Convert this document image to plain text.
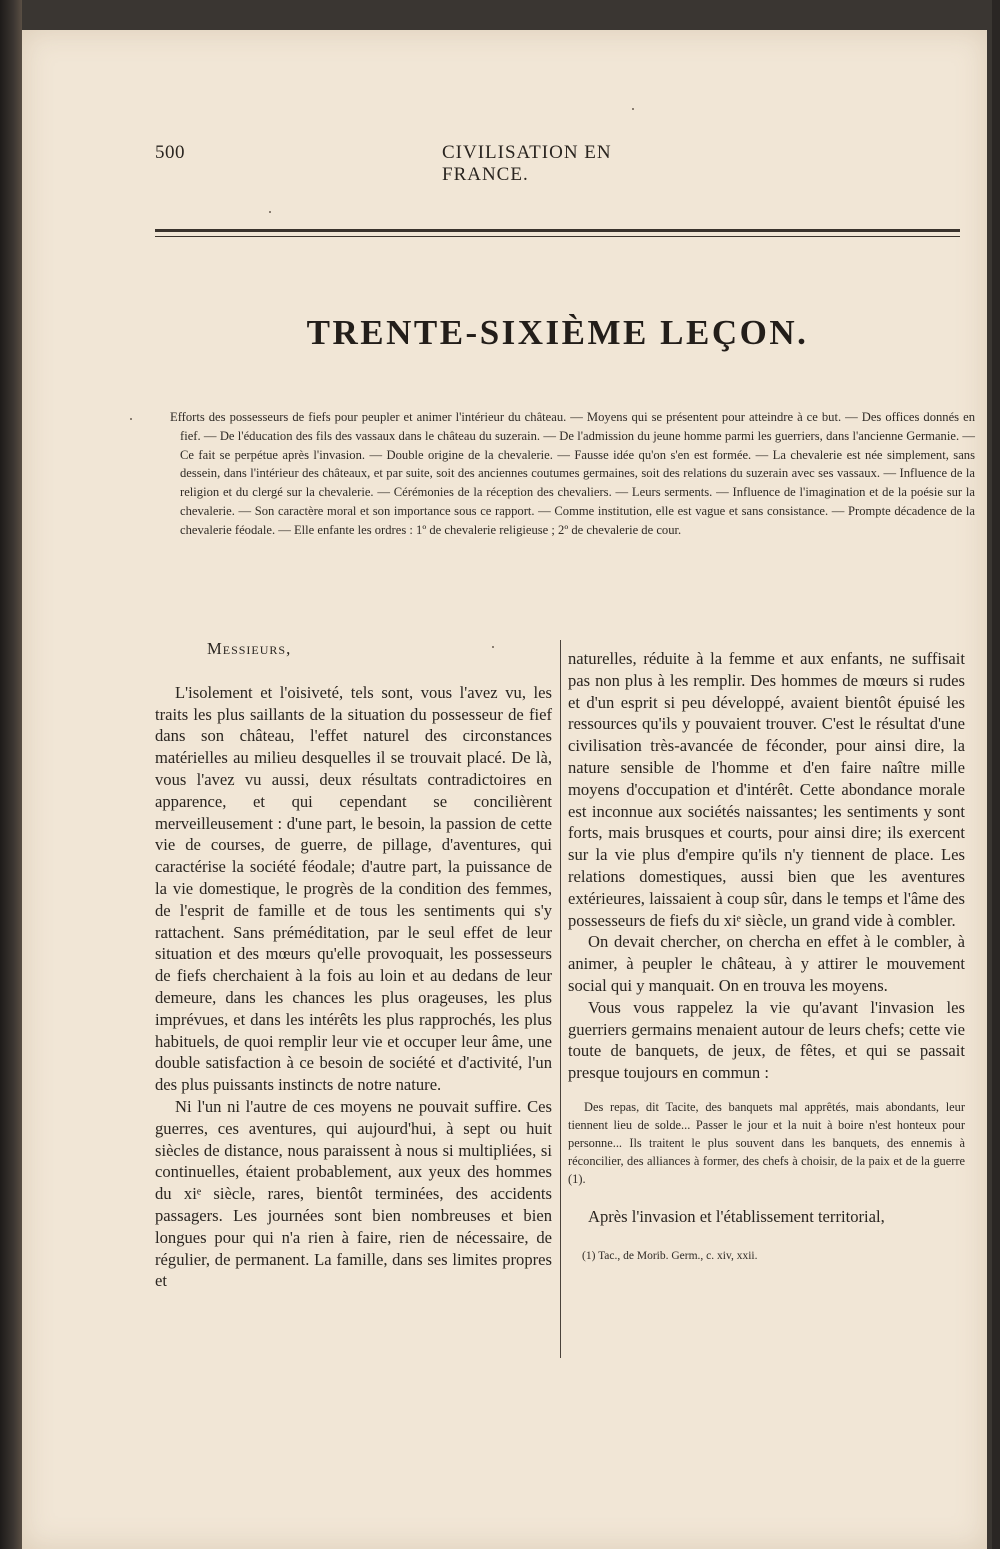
500	CIVILISATION EN FRANCE.
TRENTE-SIXIÈME LEÇON.
Efforts des possesseurs de fiefs pour peupler et animer l'intérieur du château. — Moyens qui se présentent pour atteindre à ce but. — Des offices donnés en fief. — De l'éducation des fils des vassaux dans le château du suzerain. — De l'admission du jeune homme parmi les guerriers, dans l'ancienne Germanie. — Ce fait se perpétue après l'invasion. — Double origine de la chevalerie. — Fausse idée qu'on s'en est formée. — La chevalerie est née simplement, sans dessein, dans l'intérieur des châteaux, et par suite, soit des anciennes coutumes germaines, soit des relations du suzerain avec ses vassaux. — Influence de la religion et du clergé sur la chevalerie. — Cérémonies de la réception des chevaliers. — Leurs serments. — Influence de l'imagination et de la poésie sur la chevalerie. — Son caractère moral et son importance sous ce rapport. — Comme institution, elle est vague et sans consistance. — Prompte décadence de la chevalerie féodale. — Elle enfante les ordres : 1º de chevalerie religieuse ; 2º de chevalerie de cour.

Messieurs,

L'isolement et l'oisiveté, tels sont, vous l'avez vu, les traits les plus saillants de la situation du possesseur de fief dans son château, l'effet naturel des circonstances matérielles au milieu desquelles il se trouvait placé. De là, vous l'avez vu aussi, deux résultats contradictoires en apparence, et qui cependant se concilièrent merveilleusement : d'une part, le besoin, la passion de cette vie de courses, de guerre, de pillage, d'aventures, qui caractérise la société féodale; d'autre part, la puissance de la vie domestique, le progrès de la condition des femmes, de l'esprit de famille et de tous les sentiments qui s'y rattachent. Sans préméditation, par le seul effet de leur situation et des mœurs qu'elle provoquait, les possesseurs de fiefs cherchaient à la fois au loin et au dedans de leur demeure, dans les chances les plus orageuses, les plus imprévues, et dans les intérêts les plus rapprochés, les plus habituels, de quoi remplir leur vie et occuper leur âme, une double satisfaction à ce besoin de société et d'activité, l'un des plus puissants instincts de notre nature.

Ni l'un ni l'autre de ces moyens ne pouvait suffire. Ces guerres, ces aventures, qui aujourd'hui, à sept ou huit siècles de distance, nous paraissent à nous si multipliées, si continuelles, étaient probablement, aux yeux des hommes du xiᵉ siècle, rares, bientôt terminées, des accidents passagers. Les journées sont bien nombreuses et bien longues pour qui n'a rien à faire, rien de nécessaire, de régulier, de permanent. La famille, dans ses limites propres et

naturelles, réduite à la femme et aux enfants, ne suffisait pas non plus à les remplir. Des hommes de mœurs si rudes et d'un esprit si peu développé, avaient bientôt épuisé les ressources qu'ils y pouvaient trouver. C'est le résultat d'une civilisation très-avancée de féconder, pour ainsi dire, la nature sensible de l'homme et d'en faire naître mille moyens d'occupation et d'intérêt. Cette abondance morale est inconnue aux sociétés naissantes; les sentiments y sont forts, mais brusques et courts, pour ainsi dire; ils exercent sur la vie plus d'empire qu'ils n'y tiennent de place. Les relations domestiques, aussi bien que les aventures extérieures, laissaient à coup sûr, dans le temps et l'âme des possesseurs de fiefs du xiᵉ siècle, un grand vide à combler.

On devait chercher, on chercha en effet à le combler, à animer, à peupler le château, à y attirer le mouvement social qui y manquait. On en trouva les moyens.

Vous vous rappelez la vie qu'avant l'invasion les guerriers germains menaient autour de leurs chefs; cette vie toute de banquets, de jeux, de fêtes, et qui se passait presque toujours en commun :

Des repas, dit Tacite, des banquets mal apprêtés, mais abondants, leur tiennent lieu de solde... Passer le jour et la nuit à boire n'est honteux pour personne... Ils traitent le plus souvent dans les banquets, des ennemis à réconcilier, des alliances à former, des chefs à choisir, de la paix et de la guerre (1).

Après l'invasion et l'établissement territorial,

(1) Tac., de Morib. Germ., c. xiv, xxii.
